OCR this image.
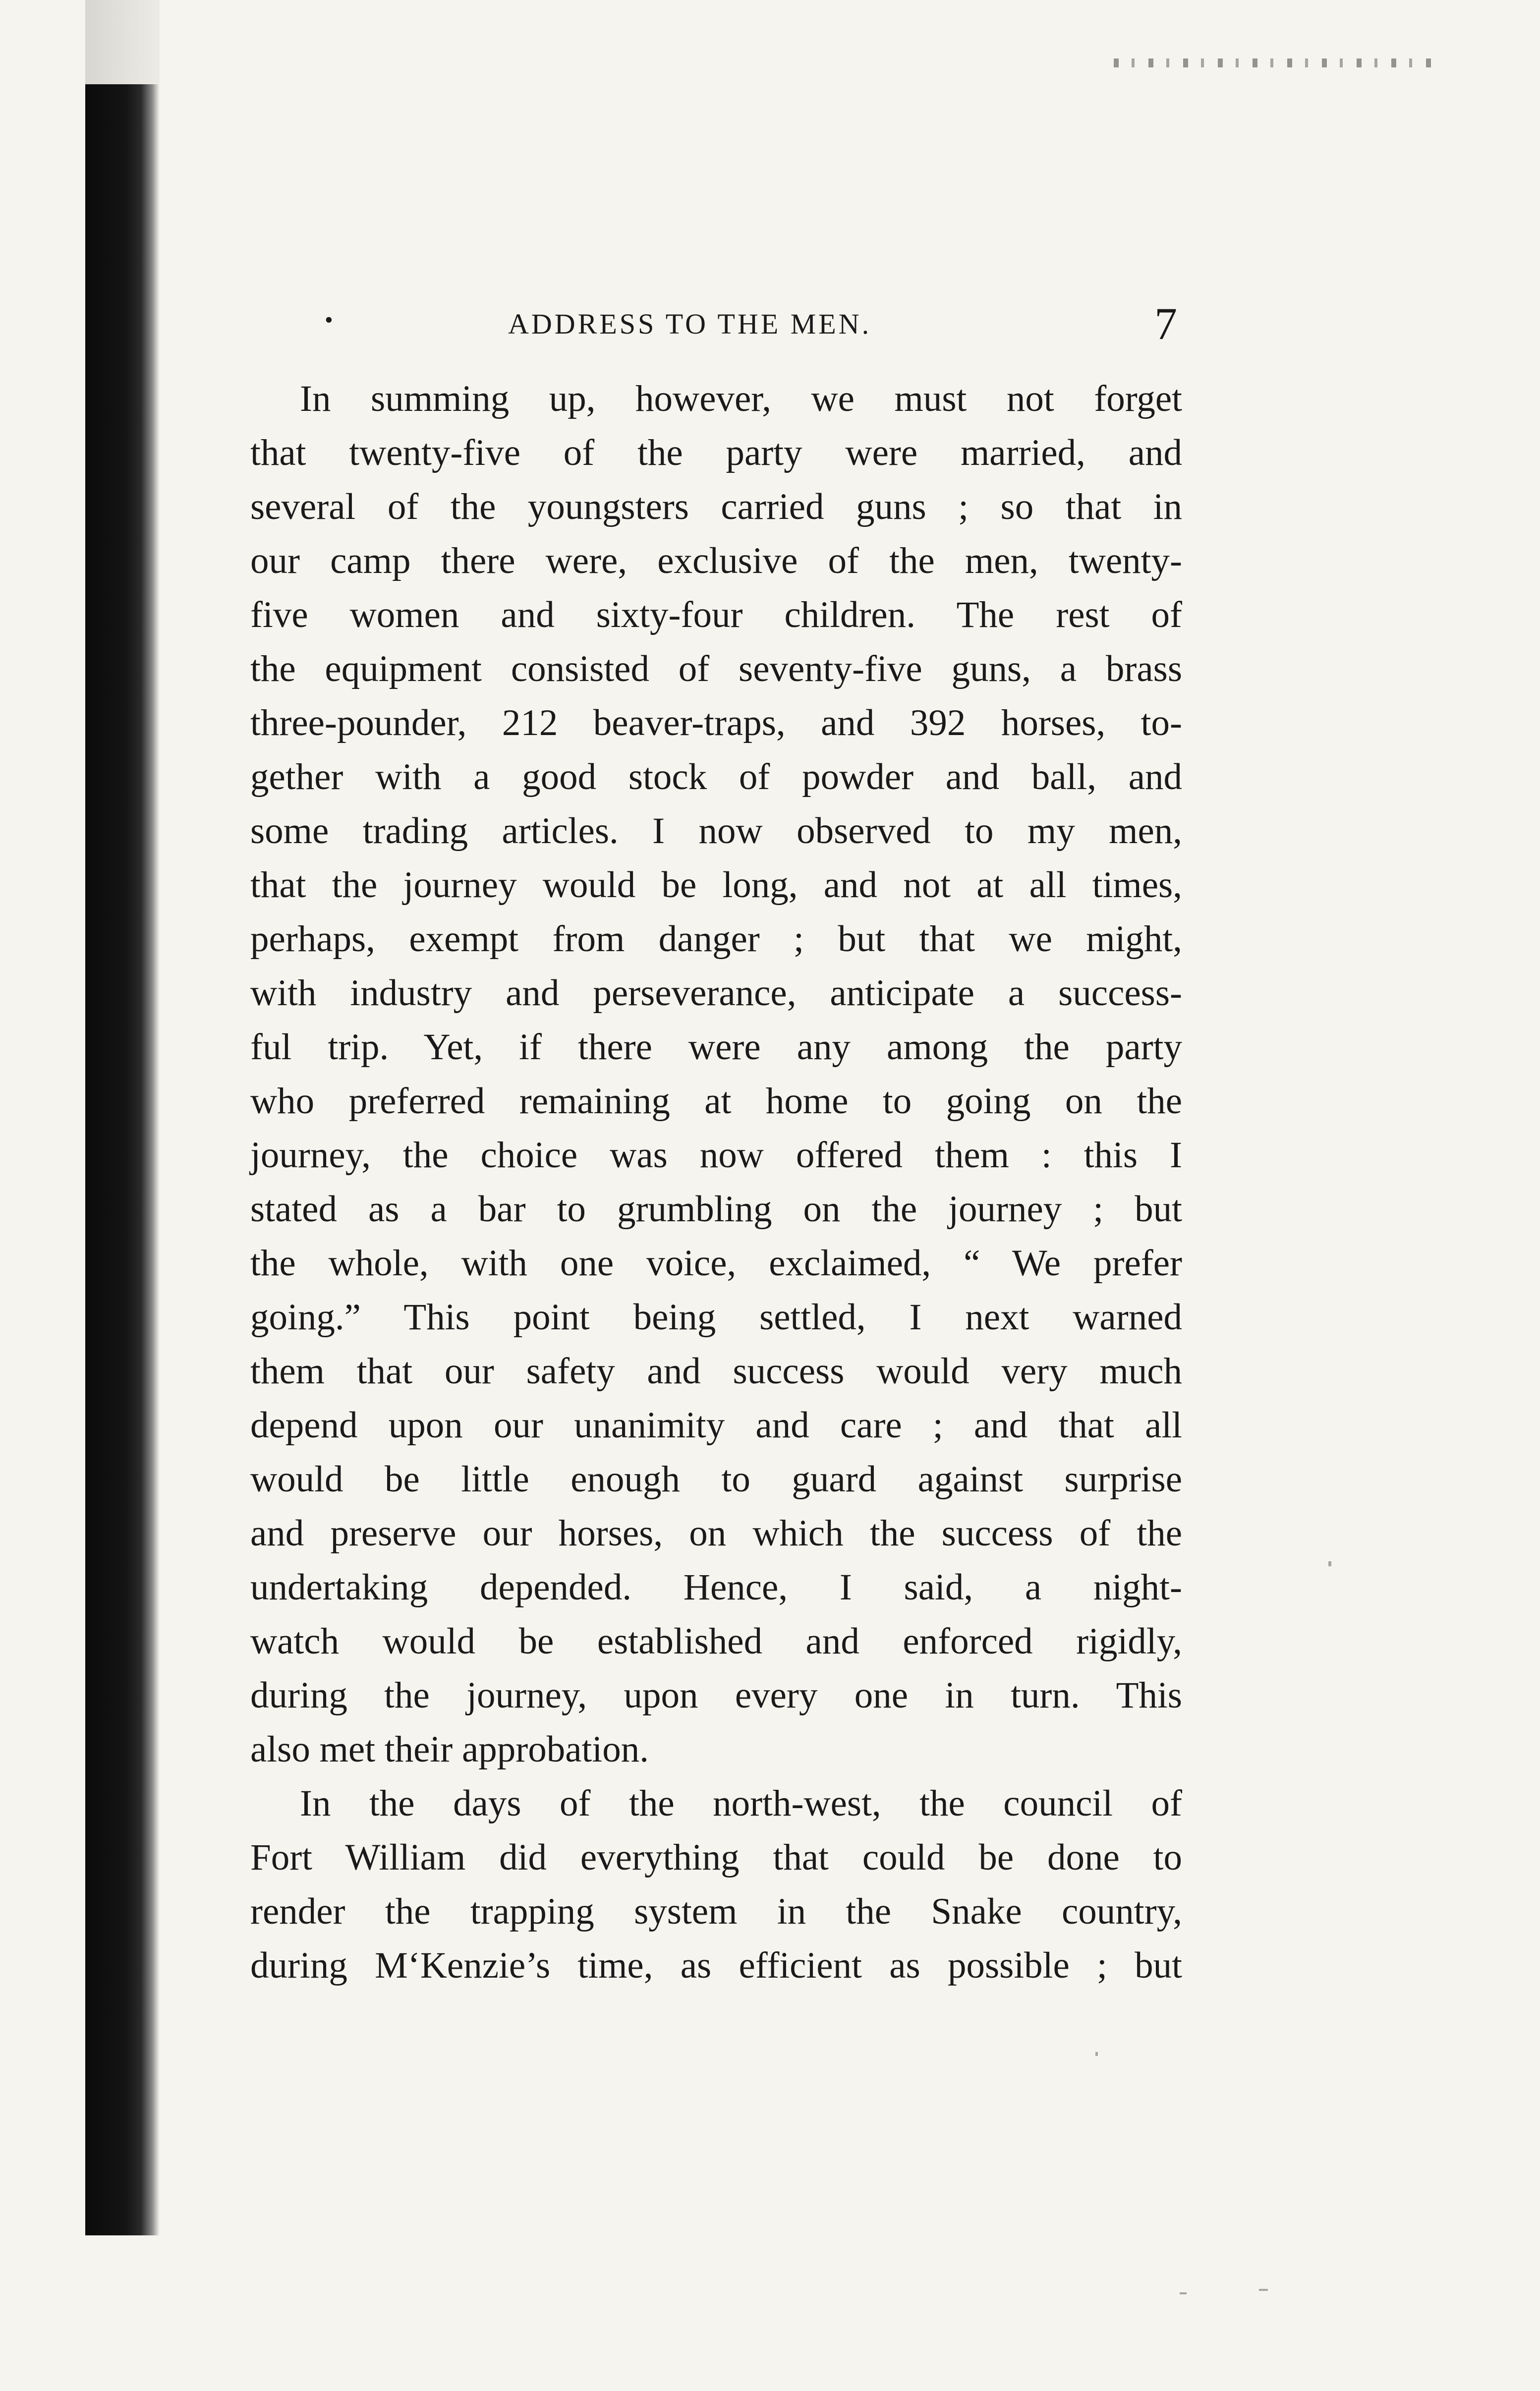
•	ADDRESS TO THE MEN.	7

In summing up, however, we must not forget
that twenty-five of the party were married, and
several of the youngsters carried guns ; so that in
our camp there were, exclusive of the men, twenty-
five women and sixty-four children. The rest of
the equipment consisted of seventy-five guns, a brass
three-pounder, 212 beaver-traps, and 392 horses, to-
gether with a good stock of powder and ball, and
some trading articles. I now observed to my men,
that the journey would be long, and not at all times,
perhaps, exempt from danger ; but that we might,
with industry and perseverance, anticipate a success-
ful trip. Yet, if there were any among the party
who preferred remaining at home to going on the
journey, the choice was now offered them : this I
stated as a bar to grumbling on the journey ; but
the whole, with one voice, exclaimed, “ We prefer
going.” This point being settled, I next warned
them that our safety and success would very much
depend upon our unanimity and care ; and that all
would be little enough to guard against surprise
and preserve our horses, on which the success of the
undertaking depended. Hence, I said, a night-
watch would be established and enforced rigidly,
during the journey, upon every one in turn. This
also met their approbation.

In the days of the north-west, the council of
Fort William did everything that could be done to
render the trapping system in the Snake country,
during M‘Kenzie’s time, as efficient as possible ; but
